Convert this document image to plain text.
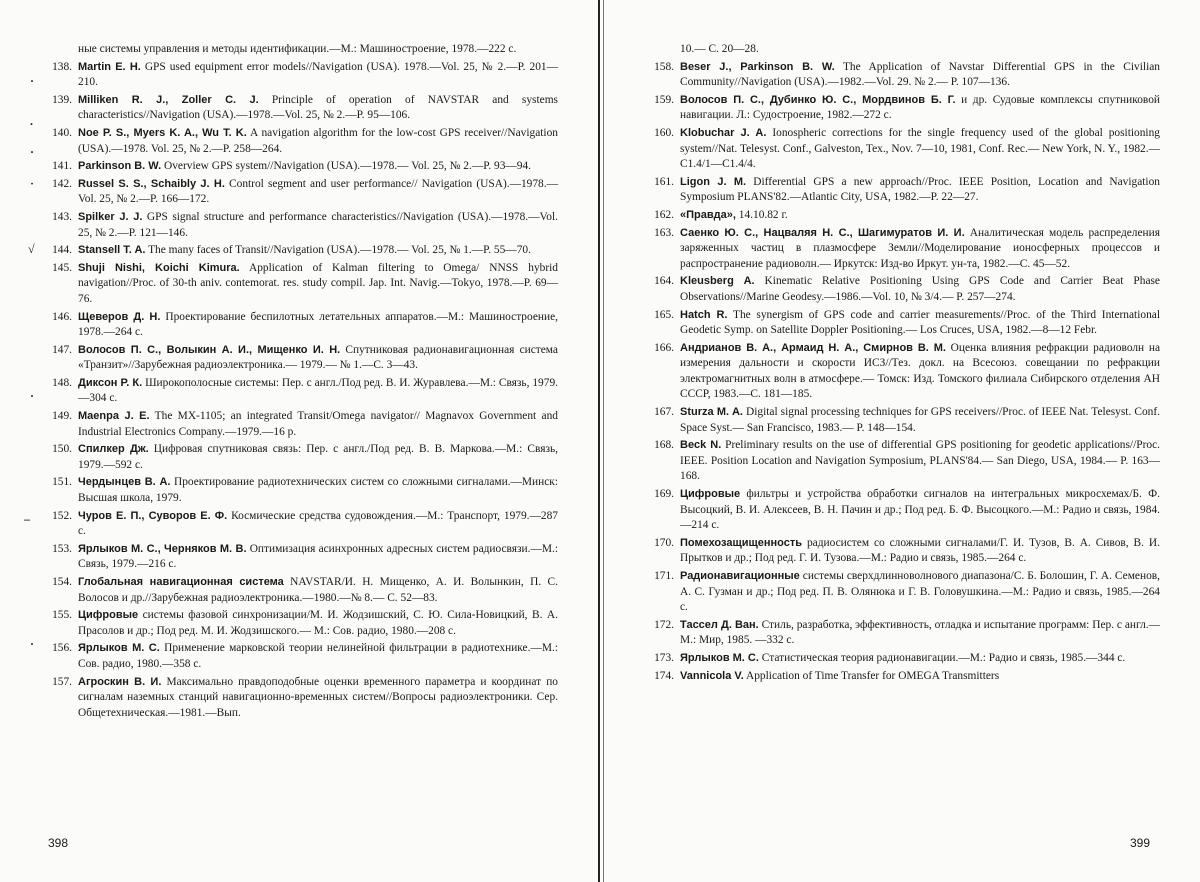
·
.
·
˙
√
·
–
·
ные системы управления и методы идентификации.—М.: Машиностроение, 1978.—222 с.
138. Martin E. H. GPS used equipment error models//Navigation (USA). 1978.—Vol. 25, № 2.—P. 201—210.
139. Milliken R. J., Zoller C. J. Principle of operation of NAVSTAR and systems characteristics//Navigation (USA).—1978.—Vol. 25, № 2.—P. 95—106.
140. Noe P. S., Myers K. A., Wu T. K. A navigation algorithm for the low-cost GPS receiver//Navigation (USA).—1978. Vol. 25, № 2.—P. 258—264.
141. Parkinson B. W. Overview GPS system//Navigation (USA).—1978.— Vol. 25, № 2.—P. 93—94.
142. Russel S. S., Schaibly J. H. Control segment and user performance// Navigation (USA).—1978.—Vol. 25, № 2.—P. 166—172.
143. Spilker J. J. GPS signal structure and performance characteristics//Navigation (USA).—1978.—Vol. 25, № 2.—P. 121—146.
144. Stansell T. A. The many faces of Transit//Navigation (USA).—1978.— Vol. 25, № 1.—P. 55—70.
145. Shuji Nishi, Koichi Kimura. Application of Kalman filtering to Omega/ NNSS hybrid navigation//Proc. of 30-th aniv. contemorat. res. study compil. Jap. Int. Navig.—Tokyo, 1978.—P. 69—76.
146. Щеверов Д. Н. Проектирование беспилотных летательных аппаратов.—М.: Машиностроение, 1978.—264 с.
147. Волосов П. С., Волыкин А. И., Мищенко И. Н. Спутниковая радионавигационная система «Транзит»//Зарубежная радиоэлектроника.— 1979.— № 1.—С. 3—43.
148. Диксон Р. К. Широкополосные системы: Пер. с англ./Под ред. В. И. Журавлева.—М.: Связь, 1979.—304 с.
149. Maenpa J. E. The MX-1105; an integrated Transit/Omega navigator// Magnavox Government and Industrial Electronics Company.—1979.—16 p.
150. Спилкер Дж. Цифровая спутниковая связь: Пер. с англ./Под ред. В. В. Маркова.—М.: Связь, 1979.—592 с.
151. Чердынцев В. А. Проектирование радиотехнических систем со сложными сигналами.—Минск: Высшая школа, 1979.
152. Чуров Е. П., Суворов Е. Ф. Космические средства судовождения.—М.: Транспорт, 1979.—287 с.
153. Ярлыков М. С., Черняков М. В. Оптимизация асинхронных адресных систем радиосвязи.—М.: Связь, 1979.—216 с.
154. Глобальная навигационная система NAVSTAR/И. Н. Мищенко, А. И. Волынкин, П. С. Волосов и др.//Зарубежная радиоэлектроника.—1980.—№ 8.— С. 52—83.
155. Цифровые системы фазовой синхронизации/М. И. Жодзишский, С. Ю. Сила-Новицкий, В. А. Прасолов и др.; Под ред. М. И. Жодзишского.— М.: Сов. радио, 1980.—208 с.
156. Ярлыков М. С. Применение марковской теории нелинейной фильтрации в радиотехнике.—М.: Сов. радио, 1980.—358 с.
157. Агроскин В. И. Максимально правдоподобные оценки временного параметра и координат по сигналам наземных станций навигационно-временных систем//Вопросы радиоэлектроники. Сер. Общетехническая.—1981.—Вып.
398
10.— С. 20—28.
158. Beser J., Parkinson B. W. The Application of Navstar Differential GPS in the Civilian Community//Navigation (USA).—1982.—Vol. 29. № 2.— P. 107—136.
159. Волосов П. С., Дубинко Ю. С., Мордвинов Б. Г. и др. Судовые комплексы спутниковой навигации. Л.: Судостроение, 1982.—272 с.
160. Klobuchar J. A. Ionospheric corrections for the single frequency used of the global positioning system//Nat. Telesyst. Conf., Galveston, Tex., Nov. 7—10, 1981, Conf. Rec.— New York, N. Y., 1982.—C1.4/1—C1.4/4.
161. Ligon J. M. Differential GPS a new approach//Proc. IEEE Position, Location and Navigation Symposium PLANS'82.—Atlantic City, USA, 1982.—P. 22—27.
162. «Правда», 14.10.82 г.
163. Саенко Ю. С., Нацваляя Н. С., Шагимуратов И. И. Аналитическая модель распределения заряженных частиц в плазмосфере Земли//Моделирование ионосферных процессов и распространение радиоволн.— Иркутск: Изд-во Иркут. ун-та, 1982.—С. 45—52.
164. Kleusberg A. Kinematic Relative Positioning Using GPS Code and Carrier Beat Phase Observations//Marine Geodesy.—1986.—Vol. 10, № 3/4.— P. 257—274.
165. Hatch R. The synergism of GPS code and carrier measurements//Proc. of the Third International Geodetic Symp. on Satellite Doppler Positioning.— Los Cruces, USA, 1982.—8—12 Febr.
166. Андрианов В. А., Армаид Н. А., Смирнов В. М. Оценка влияния рефракции радиоволн на измерения дальности и скорости ИСЗ//Тез. докл. на Всесоюз. совещании по рефракции электромагнитных волн в атмосфере.— Томск: Изд. Томского филиала Сибирского отделения АН СССР, 1983.—С. 181—185.
167. Sturza M. A. Digital signal processing techniques for GPS receivers//Proc. of IEEE Nat. Telesyst. Conf. Space Syst.— San Francisco, 1983.— P. 148—154.
168. Beck N. Preliminary results on the use of differential GPS positioning for geodetic applications//Proc. IEEE. Position Location and Navigation Symposium, PLANS'84.— San Diego, USA, 1984.— P. 163—168.
169. Цифровые фильтры и устройства обработки сигналов на интегральных микросхемах/Б. Ф. Высоцкий, В. И. Алексеев, В. Н. Пачин и др.; Под ред. Б. Ф. Высоцкого.—М.: Радио и связь, 1984.—214 с.
170. Помехозащищенность радиосистем со сложными сигналами/Г. И. Тузов, В. А. Сивов, В. И. Прытков и др.; Под ред. Г. И. Тузова.—М.: Радио и связь, 1985.—264 с.
171. Радионавигационные системы сверхдлинноволнового диапазона/С. Б. Болошин, Г. А. Семенов, А. С. Гузман и др.; Под ред. П. В. Олянюка и Г. В. Головушкина.—М.: Радио и связь, 1985.—264 с.
172. Тассел Д. Ван. Стиль, разработка, эффективность, отладка и испытание программ: Пер. с англ.—М.: Мир, 1985. —332 с.
173. Ярлыков М. С. Статистическая теория радионавигации.—М.: Радио и связь, 1985.—344 с.
174. Vannicola V. Application of Time Transfer for OMEGA Transmitters
399
